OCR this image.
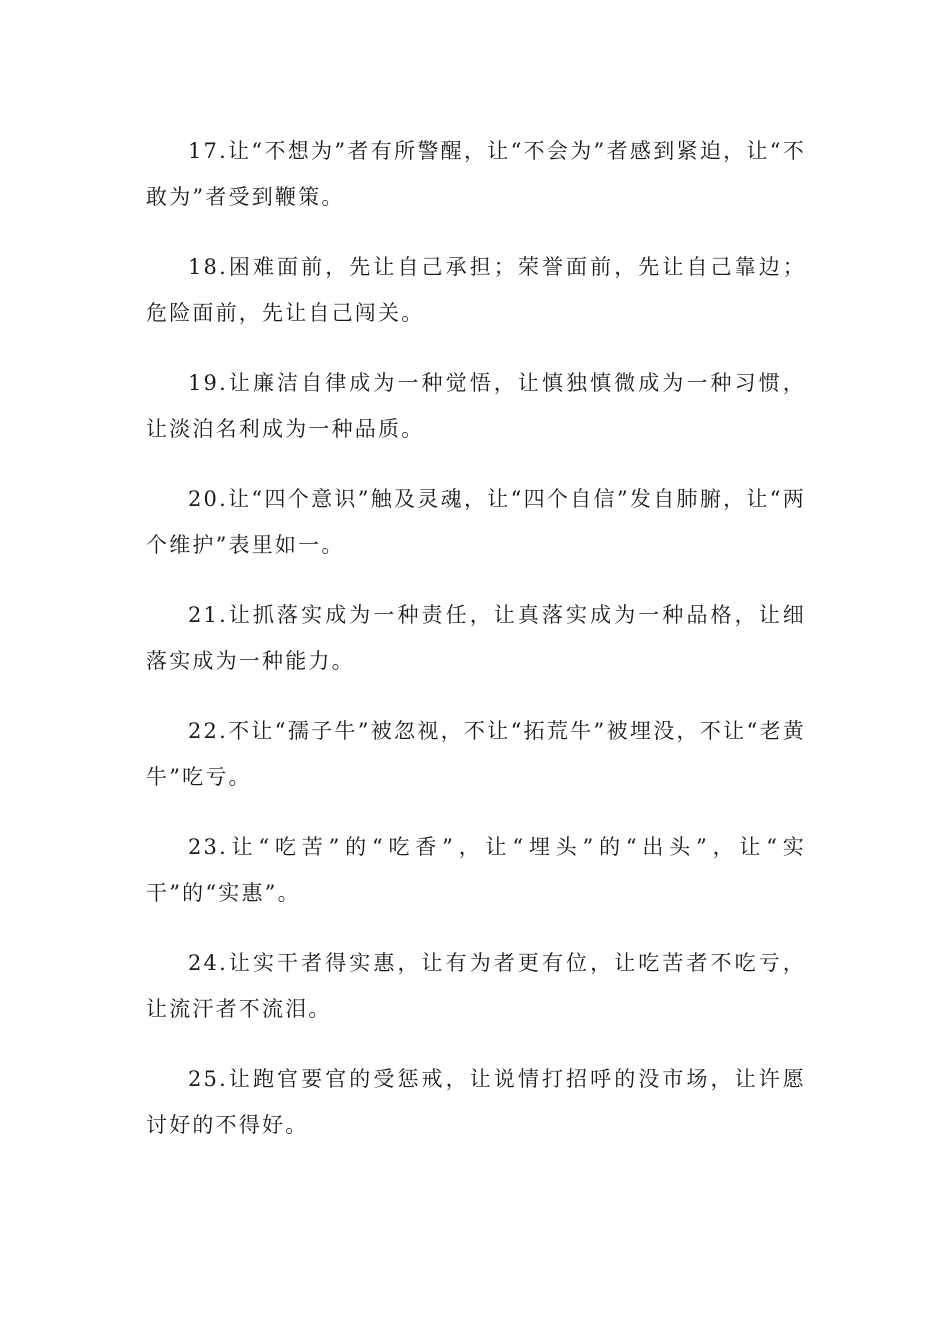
17.让“不想为”者有所警醒，让“不会为”者感到紧迫，让“不敢为”者受到鞭策。

18.困难面前，先让自己承担；荣誉面前，先让自己靠边；危险面前，先让自己闯关。

19.让廉洁自律成为一种觉悟，让慎独慎微成为一种习惯，让淡泊名利成为一种品质。

20.让“四个意识”触及灵魂，让“四个自信”发自肺腑，让“两个维护”表里如一。

21.让抓落实成为一种责任，让真落实成为一种品格，让细落实成为一种能力。

22.不让“孺子牛”被忽视，不让“拓荒牛”被埋没，不让“老黄牛”吃亏。

23.让“吃苦”的“吃香”，让“埋头”的“出头”，让“实干”的“实惠”。

24.让实干者得实惠，让有为者更有位，让吃苦者不吃亏，让流汗者不流泪。

25.让跑官要官的受惩戒，让说情打招呼的没市场，让许愿讨好的不得好。
